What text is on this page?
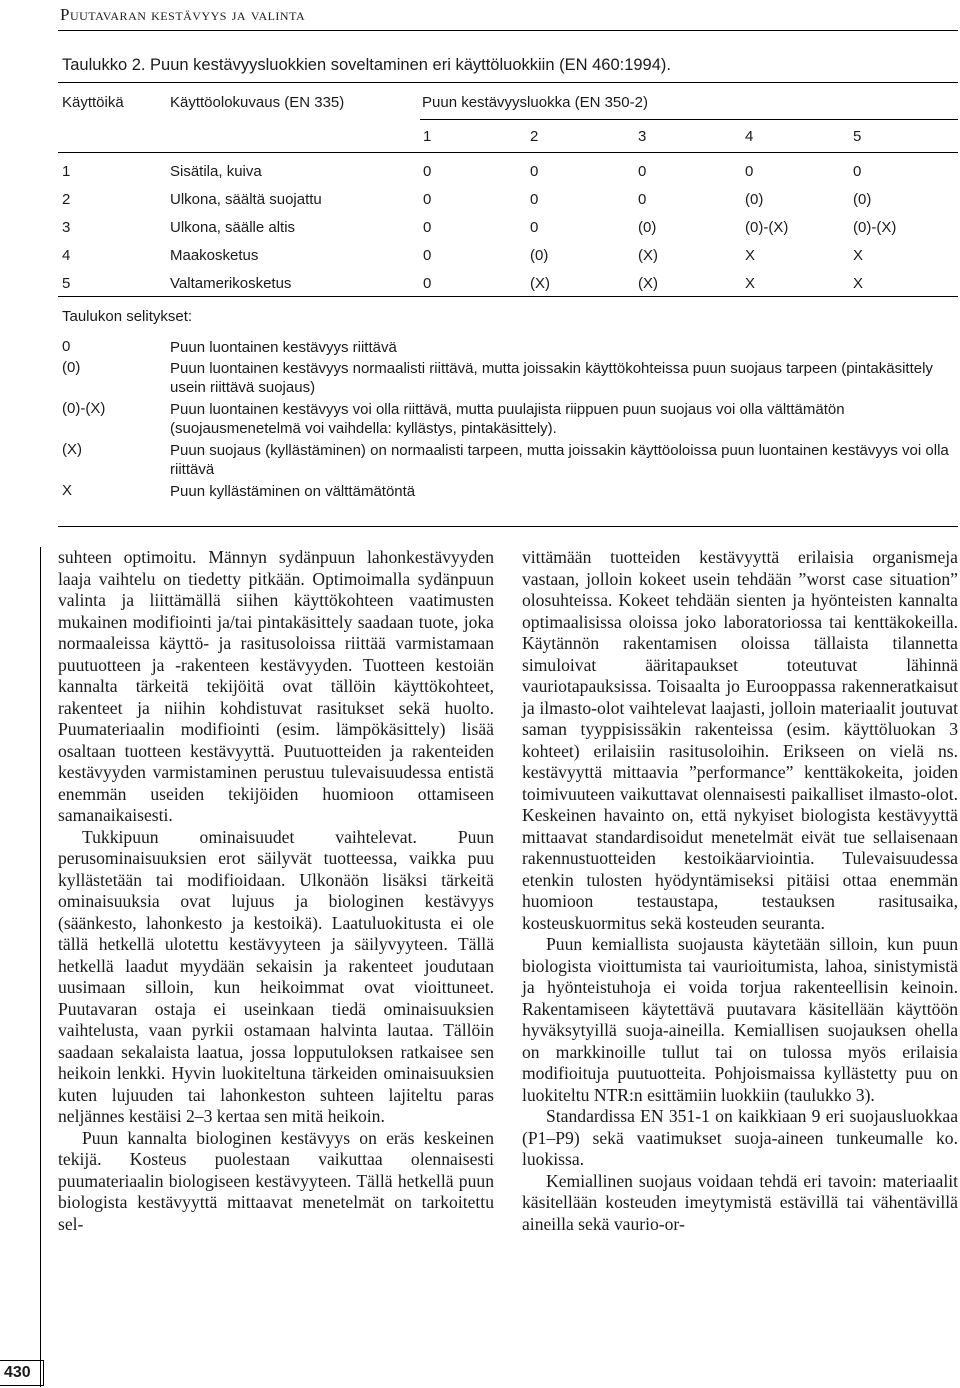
Puutavaran kestävyys ja valinta
Taulukko 2. Puun kestävyysluokkien soveltaminen eri käyttöluokkiin (EN 460:1994).
Käyttöikä	Käyttöolokuvaus (EN 335)	Puun kestävyysluokka (EN 350-2)
1	2	3	4	5
1	Sisätila, kuiva	0	0	0	0	0
2	Ulkona, säältä suojattu	0	0	0	(0)	(0)
3	Ulkona, säälle altis	0	0	(0)	(0)-(X)	(0)-(X)
4	Maakosketus	0	(0)	(X)	X	X
5	Valtamerikosketus	0	(X)	(X)	X	X
Taulukon selitykset:
0	Puun luontainen kestävyys riittävä
(0)	Puun luontainen kestävyys normaalisti riittävä, mutta joissakin käyttökohteissa puun suojaus tarpeen (pintakäsittely usein riittävä suojaus)
(0)-(X)	Puun luontainen kestävyys voi olla riittävä, mutta puulajista riippuen puun suojaus voi olla välttämätön (suojausmenetelmä voi vaihdella: kyllästys, pintakäsittely).
(X)	Puun suojaus (kyllästäminen) on normaalisti tarpeen, mutta joissakin käyttöoloissa puun luontainen kestävyys voi olla riittävä
X	Puun kyllästäminen on välttämätöntä

suhteen optimoitu. Männyn sydänpuun lahonkestävyyden laaja vaihtelu on tiedetty pitkään. Optimoimalla sydänpuun valinta ja liittämällä siihen käyttökohteen vaatimusten mukainen modifiointi ja/tai pintakäsittely saadaan tuote, joka normaaleissa käyttö- ja rasitusoloissa riittää varmistamaan puutuotteen ja -rakenteen kestävyyden. Tuotteen kestoiän kannalta tärkeitä tekijöitä ovat tällöin käyttökohteet, rakenteet ja niihin kohdistuvat rasitukset sekä huolto. Puumateriaalin modifiointi (esim. lämpökäsittely) lisää osaltaan tuotteen kestävyyttä. Puutuotteiden ja rakenteiden kestävyyden varmistaminen perustuu tulevaisuudessa entistä enemmän useiden tekijöiden huomioon ottamiseen samanaikaisesti.

Tukkipuun ominaisuudet vaihtelevat. Puun perusominaisuuksien erot säilyvät tuotteessa, vaikka puu kyllästetään tai modifioidaan. Ulkonäön lisäksi tärkeitä ominaisuuksia ovat lujuus ja biologinen kestävyys (säänkesto, lahonkesto ja kestoikä). Laatuluokitusta ei ole tällä hetkellä ulotettu kestävyyteen ja säilyvyyteen. Tällä hetkellä laadut myydään sekaisin ja rakenteet joudutaan uusimaan silloin, kun heikoimmat ovat vioittuneet. Puutavaran ostaja ei useinkaan tiedä ominaisuuksien vaihtelusta, vaan pyrkii ostamaan halvinta lautaa. Tällöin saadaan sekalaista laatua, jossa lopputuloksen ratkaisee sen heikoin lenkki. Hyvin luokiteltuna tärkeiden ominaisuuksien kuten lujuuden tai lahonkeston suhteen lajiteltu paras neljännes kestäisi 2–3 kertaa sen mitä heikoin.

Puun kannalta biologinen kestävyys on eräs keskeinen tekijä. Kosteus puolestaan vaikuttaa olennaisesti puumateriaalin biologiseen kestävyyteen. Tällä hetkellä puun biologista kestävyyttä mittaavat menetelmät on tarkoitettu sel-

vittämään tuotteiden kestävyyttä erilaisia organismeja vastaan, jolloin kokeet usein tehdään ”worst case situation” olosuhteissa. Kokeet tehdään sienten ja hyönteisten kannalta optimaalisissa oloissa joko laboratoriossa tai kenttäkokeilla. Käytännön rakentamisen oloissa tällaista tilannetta simuloivat ääritapaukset toteutuvat lähinnä vauriotapauksissa. Toisaalta jo Eurooppassa rakenneratkaisut ja ilmasto-olot vaihtelevat laajasti, jolloin materiaalit joutuvat saman tyyppisissäkin rakenteissa (esim. käyttöluokan 3 kohteet) erilaisiin rasitusoloihin. Erikseen on vielä ns. kestävyyttä mittaavia ”performance” kenttäkokeita, joiden toimivuuteen vaikuttavat olennaisesti paikalliset ilmasto-olot. Keskeinen havainto on, että nykyiset biologista kestävyyttä mittaavat standardisoidut menetelmät eivät tue sellaisenaan rakennustuotteiden kestoikäarviointia. Tulevaisuudessa etenkin tulosten hyödyntämiseksi pitäisi ottaa enemmän huomioon testaustapa, testauksen rasitusaika, kosteuskuormitus sekä kosteuden seuranta.

Puun kemiallista suojausta käytetään silloin, kun puun biologista vioittumista tai vaurioitumista, lahoa, sinistymistä ja hyönteistuhoja ei voida torjua rakenteellisin keinoin. Rakentamiseen käytettävä puutavara käsitellään käyttöön hyväksytyillä suoja-aineilla. Kemiallisen suojauksen ohella on markkinoille tullut tai on tulossa myös erilaisia modifioituja puutuotteita. Pohjoismaissa kyllästetty puu on luokiteltu NTR:n esittämiin luokkiin (taulukko 3).

Standardissa EN 351-1 on kaikkiaan 9 eri suojausluokkaa (P1–P9) sekä vaatimukset suoja-aineen tunkeumalle ko. luokissa.

Kemiallinen suojaus voidaan tehdä eri tavoin: materiaalit käsitellään kosteuden imeytymistä estävillä tai vähentävillä aineilla sekä vaurio-or-

430
